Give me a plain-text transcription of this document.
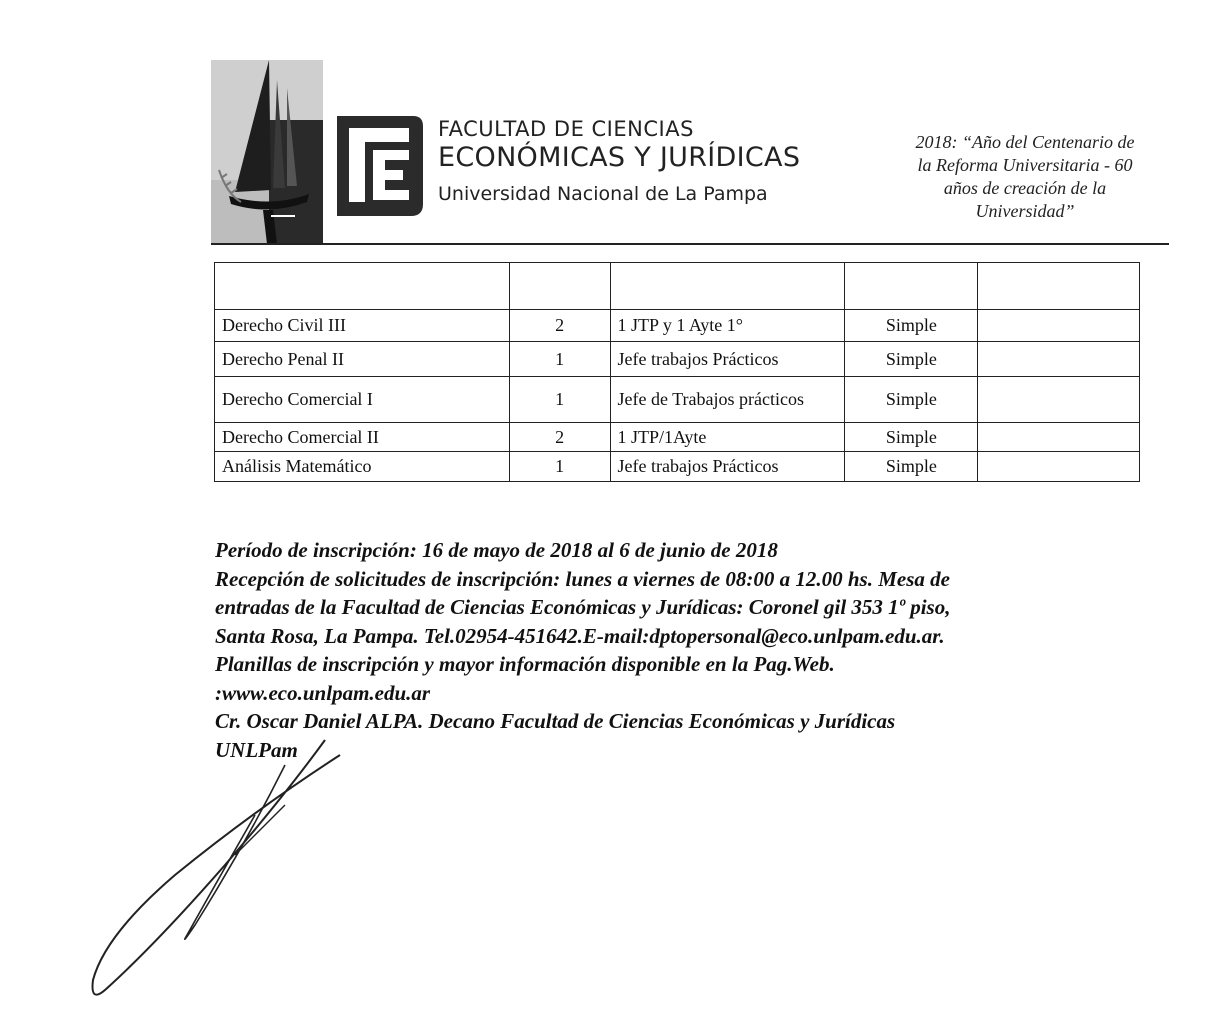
FACULTAD DE CIENCIAS
ECONÓMICAS Y JURÍDICAS
Universidad Nacional de La Pampa
2018: “Año del Centenario de
la Reforma Universitaria - 60
años de creación de la
Universidad”

Derecho Civil III	2	1 JTP y 1 Ayte 1°	Simple	
Derecho Penal II	1	Jefe trabajos Prácticos	Simple	
Derecho Comercial I	1	Jefe de Trabajos prácticos	Simple	
Derecho Comercial II	2	1 JTP/1Ayte	Simple	
Análisis Matemático	1	Jefe trabajos Prácticos	Simple	
Período de inscripción: 16 de mayo de 2018 al 6 de junio de 2018
Recepción de solicitudes de inscripción: lunes a viernes de 08:00 a 12.00 hs. Mesa de
entradas de la Facultad de Ciencias Económicas y Jurídicas: Coronel gil 353 1º piso,
Santa Rosa, La Pampa. Tel.02954-451642.E-mail:dptopersonal@eco.unlpam.edu.ar.
Planillas de inscripción y mayor información disponible en la Pag.Web.
:www.eco.unlpam.edu.ar
Cr. Oscar Daniel ALPA. Decano Facultad de Ciencias Económicas y Jurídicas
UNLPam
